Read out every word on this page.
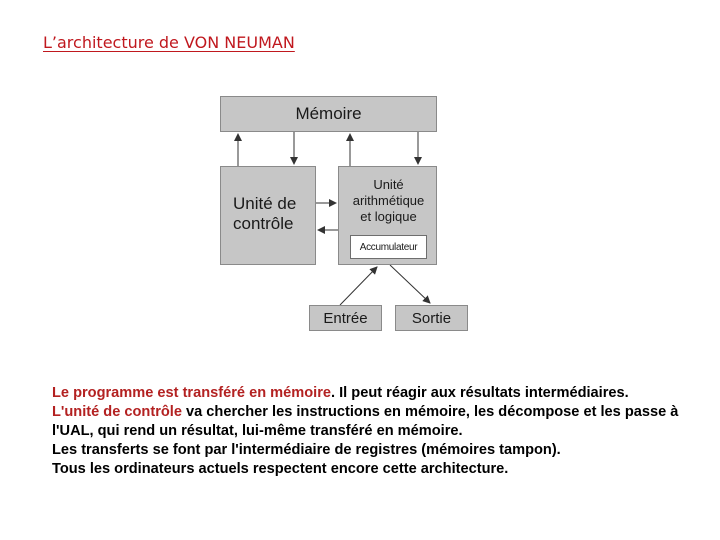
L’architecture de VON NEUMAN
Mémoire
Unité de
contrôle
Unité
arithmétique
et logique
Accumulateur
Entrée	Sortie

Le programme est transféré en mémoire. Il peut réagir aux résultats intermédiaires.

L'unité de contrôle va chercher les instructions en mémoire, les décompose et les passe à l'UAL, qui rend un résultat, lui-même transféré en mémoire.

Les transferts se font par l'intermédiaire de registres (mémoires tampon).

Tous les ordinateurs actuels respectent encore cette architecture.
